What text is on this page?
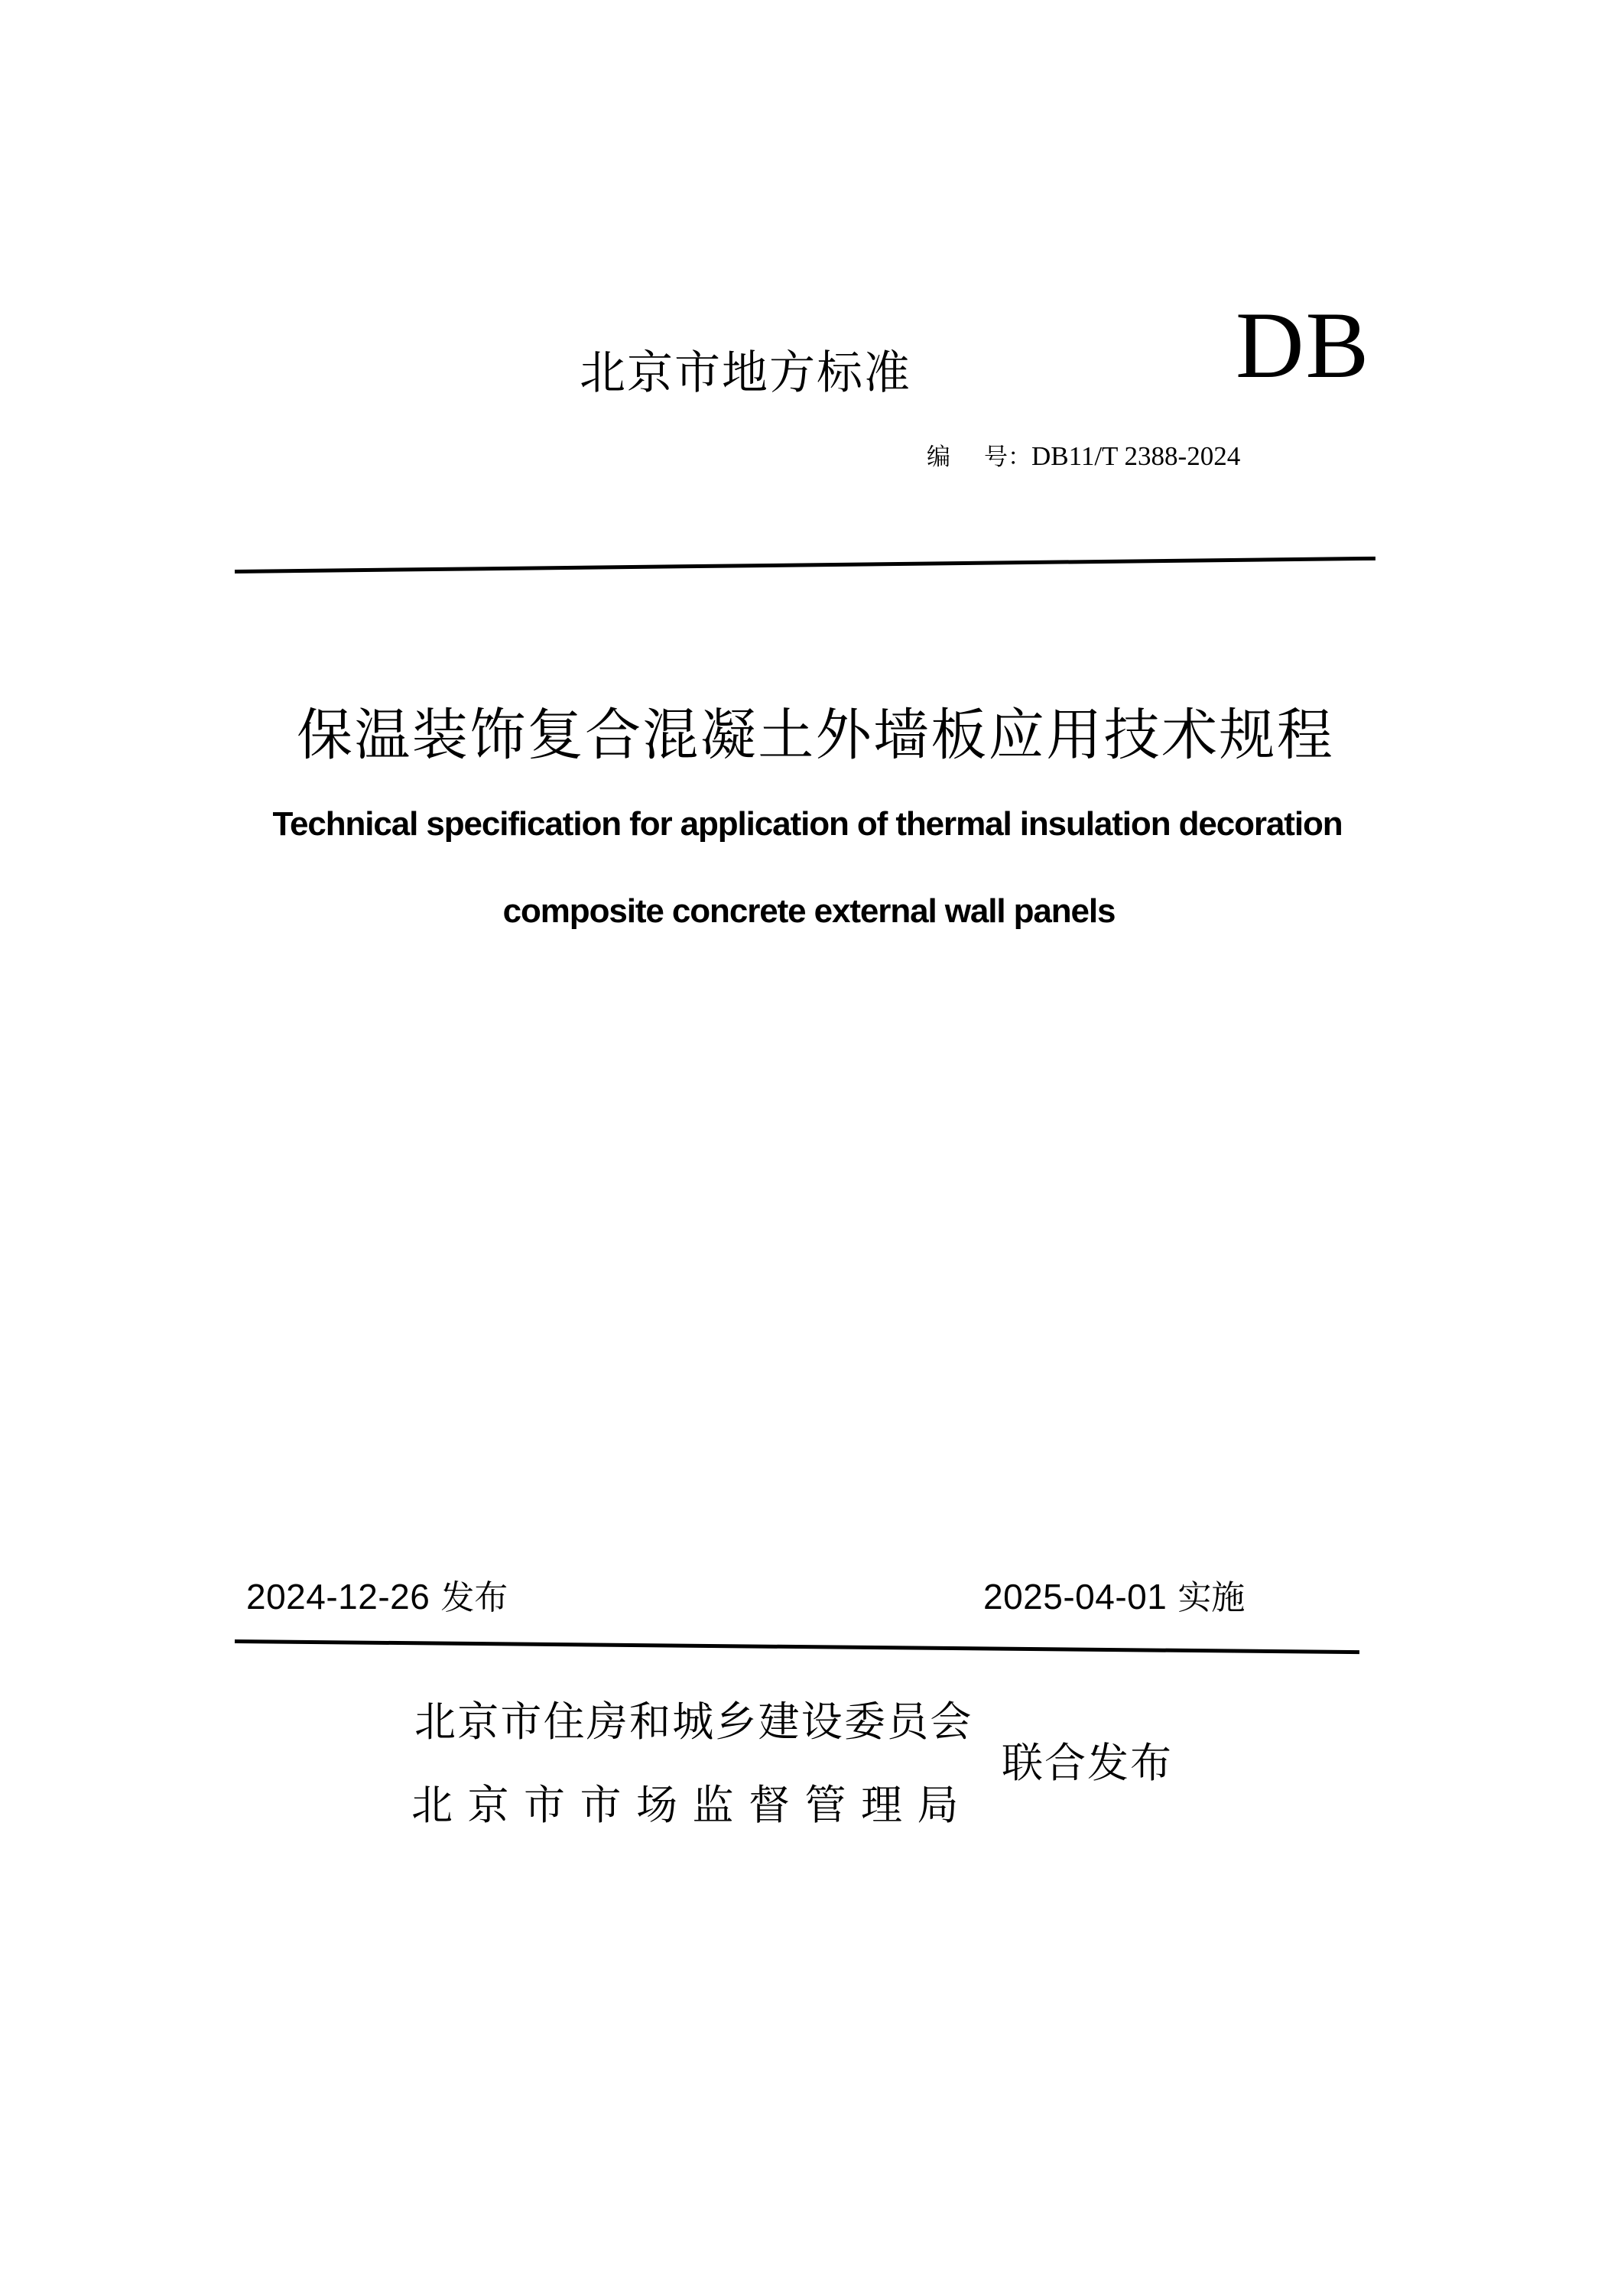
北京市地方标准	DB
编 号：DB11/T 2388-2024
保温装饰复合混凝土外墙板应用技术规程
Technical specification for application of thermal insulation decoration
composite concrete external wall panels
2024-12-26 发布	2025-04-01 实施
北京市住房和城乡建设委员会
北京市市场监督管理局
联合发布
